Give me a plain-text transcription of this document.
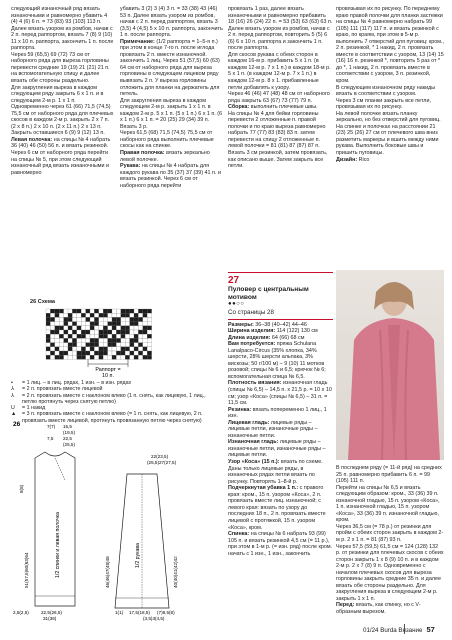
следующий изнаночный ряд вязать изнаночными и равномерно убавить 4 (4) 4 (6) 6 п. = 73 (83) 93 (103) 113 п.

Далее вязать узором из ромбов, начав с 2 п. перед раппортом, вязать 7 (8) 9 (10) 11 х 10 п. раппорта, закончить 1 п. после раппорта.

Через 59 (65,5) 69 (72) 73 см от наборного ряда для выреза горловины перевести средние 19 (19) 21 (21) 21 п. на вспомогательную спицу и далее вязать обе стороны раздельно.

Для закругления выреза в каждом следующем ряду закрыть 6 х 1 п. и в следующем 2-м р. 1 х 1 п.

Одновременно через 61 (66) 71,5 (74,5) 75,5 см от наборного ряда для плечевых скосов в каждом 2-м р. закрыть 2 х 7 п. (2 х 8 п.) 2 х 10 п. (2 х 11 п.) 2 х 13 п. Закрыть оставшиеся 6 (9) 9 (12) 13 п.

Левая полочка: на спицы № 4 набрать 36 (40) 46 (50) 56 п. и вязать резинкой.

Через 6 см от наборного ряда перейти на спицы № 5, при этом следующий изнаночный ряд вязать изнаночными и равномерно

убавить 3 (2) 3 (4) 3 п. = 33 (38) 43 (46) 53 п. Далее вязать узором из ромбов, начав с 2 п. перед раппортом, вязать 3 (3,5) 4 (4,5) 5 х 10 п. раппорта, закончить 1 п. после раппорта.

Примечание: (1/2 раппорта = 1–5-я п.) при этом в конце 7-го п. после иглода провязать 2 п. вместе изнаночной. закончить 1 лиц. Через 51 (57,5) 60 (63) 64 см от наборного ряда для выреза горловины в следующем лицевом ряду вывязать 2 п. У выреза горловины отложить для планки на держатель для петель.

Для закругления выреза в каждом следующем 2-м р. закрыть 1 х 1 п. в каждом 2-м р. 5 х 1 п. (5 х 1 п.) 6 х 1 п. (6 х 1 п.) 6 х 1 п. = 20 (25) 29 (34) 39 п.

Вязать 3 р.

Через 61,5 (68) 71,5 (74,5) 75,5 см от наборного ряда выполнить плечевые скосы как на спинке.

Правая полочка: вязать зеркально левой полочке.

Рукава: на спицы № 4 набрать для каждого рукава по 35 (37) 37 (39) 41 п. и вязать резинкой. Через 6 см от наборного ряда перейти

провязать 1 раз, далее вязать изнаночными и равномерно прибавить 18 (16) 26 (24) 22 п. = 53 (53) 63 (63) 63 п.

Далее вязать узором из ромбов, начав с 2 п. перед раппортом, повторить 5 (5) 6 (6) 6 х 10 п. раппорта и закончить 1 п. после раппорта.

Для скосов рукава с обеих сторон в каждом 16-м р. прибавить 5 х 1 п. (в каждом 12-м р. 7 х 1 п.) в каждом 18-м р. 5 х 1 п. (в каждом 12-м р. 7 х 1 п.) в каждом 12-м р. 8 х 1. прибавленные петли добавлять к узору.

Через 46 (46) 47 (48) 48 см от наборного ряда закрыть 63 (67) 73 (77) 79 п.

Сборка: выполнить плечевые швы.

На спицы № 4 для бейки горловины перевести 2 отложенные п. правой полочки и по краю выреза равномерно набрать 77 (77) 83 (83) 83 п. затем перевести на спицу 2 отложенные п. левой полочки = 81 (81) 87 (87) 87 п. Вязать 3 см резинкой, затем провязать, как описано выше. Затем закрыть все петли.

провязывая их по рисунку. По переднему краю правой полочки для планки застежки на спицы № 4 равномерно набрать 99 (105) 111 (117) 117 п. и вязать резинкой с краю, по краям, при этом в 5-м р. выполнить 7 отверстий для пуговиц: кром., 2 п. резинкой, * 1 накид, 2 п. провязать вместе в соответствии с узором, 13 (14) 15 (16) 16 п. резинкой *, повторить 5 раз от * до *, 1 накид, 2 п. провязать вместе в соответствии с узором, 3 п. резинкой, кром.

В следующем изнаночном ряду накиды вязать в соответствии с узором.

Через 3 см планки закрыть все петли, провязывая их по рисунку.

На левой полочке вязать планку зеркально, но без отверстий для пуговиц.

На спинке и полочках на расстоянии 21 (23) 25 (26) 27 см от плечевого шва вниз разметить маркеры и вшить между ними рукава. Выполнить боковые швы и пришить пуговицы.

Дизайн: Rico

27
Пуловер с центральным мотивом
●●○○
Со страницы 28

Размеры: 36–38 (40–42) 44–46

Ширина изделия: 114 (122) 130 см

Длина изделия: 64 (66) 68 см

Вам потребуется: пряжа Schulana Lanalpaco-Circus (35% хлопка, 34% шерсти, 28% шерсти альпака, 3% вискозы; 50 г/100 м) – 9 (10) 11 мотков розовой; спицы № 6 и 6,5; крючок № 6; вспомогательная спица № 6,5.

Плотность вязания: изнаночная гладь (спицы № 6,5) – 14,5 п. x 21,5 р. = 10 х 10 см; узор «Коса» (спицы № 6,5) – 31 п. = 11,5 см.

Резинка: вязать попеременно 1 лиц., 1 изн.

Лицевая гладь: лицевые ряды – лицевые петли, изнаночные ряды – изнаночные петли.

Изнаночная гладь: лицевые ряды – изнаночные петли, изнаночные ряды – лицевые петли.

Узор «Коса» (15 п.): вязать по схеме. Даны только лицевые ряды, в изнаночных рядах петли вязать по рисунку. Повторять 1–8-й р.

Подчеркнутая убавка 1 п.: с правого края: кром., 15 п. узором «Коса», 2 п. провязать вместе лиц. изнаночной; с левого края: вязать по узору до последних 18 п., 2 п. провязать вместе лицевой с протяжкой, 15 п. узором «Коса», кром.

Спинка: на спицы № 6 набрать 93 (99) 105 п. и вязать резинкой 4,5 см (= 11 р.), при этом в 1-м р. (= изн. ряд) после кром. начать с 1 изн., 1 изн., закончить

В последнем ряду (= 11-й ряд) на средних 25 п. равномерно прибавить 6 п. = 99 (105) 111 п.

Перейти на спицы № 6,5 и вязать следующим образом: кром., 33 (36) 39 п. изнаночной гладью, 15 п. узором «Коса», 1 п. изнаночной гладью, 15 п. узором «Коса», 33 (36) 39 п. изнаночной гладью, кром.

Через 36,5 см (= 78 р.) от резинки для пройм с обеих сторон закрыть в каждом 2-м р. 2 х 1 п. = 81 (87) 93 п.

Через 57,5 (59,5) 61,5 см = 124 (128) 132 р. от резинки для плечевых скосов с обеих сторон закрыть 1 х 8 (9) 10 п. и в каждом 2-м р. 2 х 7 (8) 9 п. Одновременно с началом плечевых скосов для выреза горловины закрыть средние 35 п. и далее вязать обе стороны раздельно. Для закругления выреза в следующем 2-м р. закрыть 1 х 1 п.

Перед: вязать, как спинку, но с V-образным вырезом.

26 Схема
Раппорт =
10 п.
▪	= 1 лиц. – в лиц. рядах, 1 изн. – в изн. рядах
⅄	= 2 п. провязать вместе лицевой
⅄	= 2 п. провязать вместе с наклоном влево (1 п. снять, как лицевую, 1 лиц., петлю протянуть через снятую петлю)
U	= 1 накид
▲	= 3 п. провязать вместе с наклоном влево (= 1 п. снять, как лицевую, 2 п. провязать вместе лицевой, протянуть провязанную петлю через снятую)
26
1/2 спинки и левая полочка
51(57,5)60(63)64
7(7) 15,5
(19,5)
7,5 22,5
(25,5)
8(8)
22,5(26,5)
31(36)
2,5(2,5)
1/2 рукава
46(46)47(48)48	40(40)41(42)42
22(23,5)
(25,5)27(27,5)
1(1) 17,5(18,5) (7)9,5(8)
(3,5)3(4,5)
01/24 Burda Вязание 57
